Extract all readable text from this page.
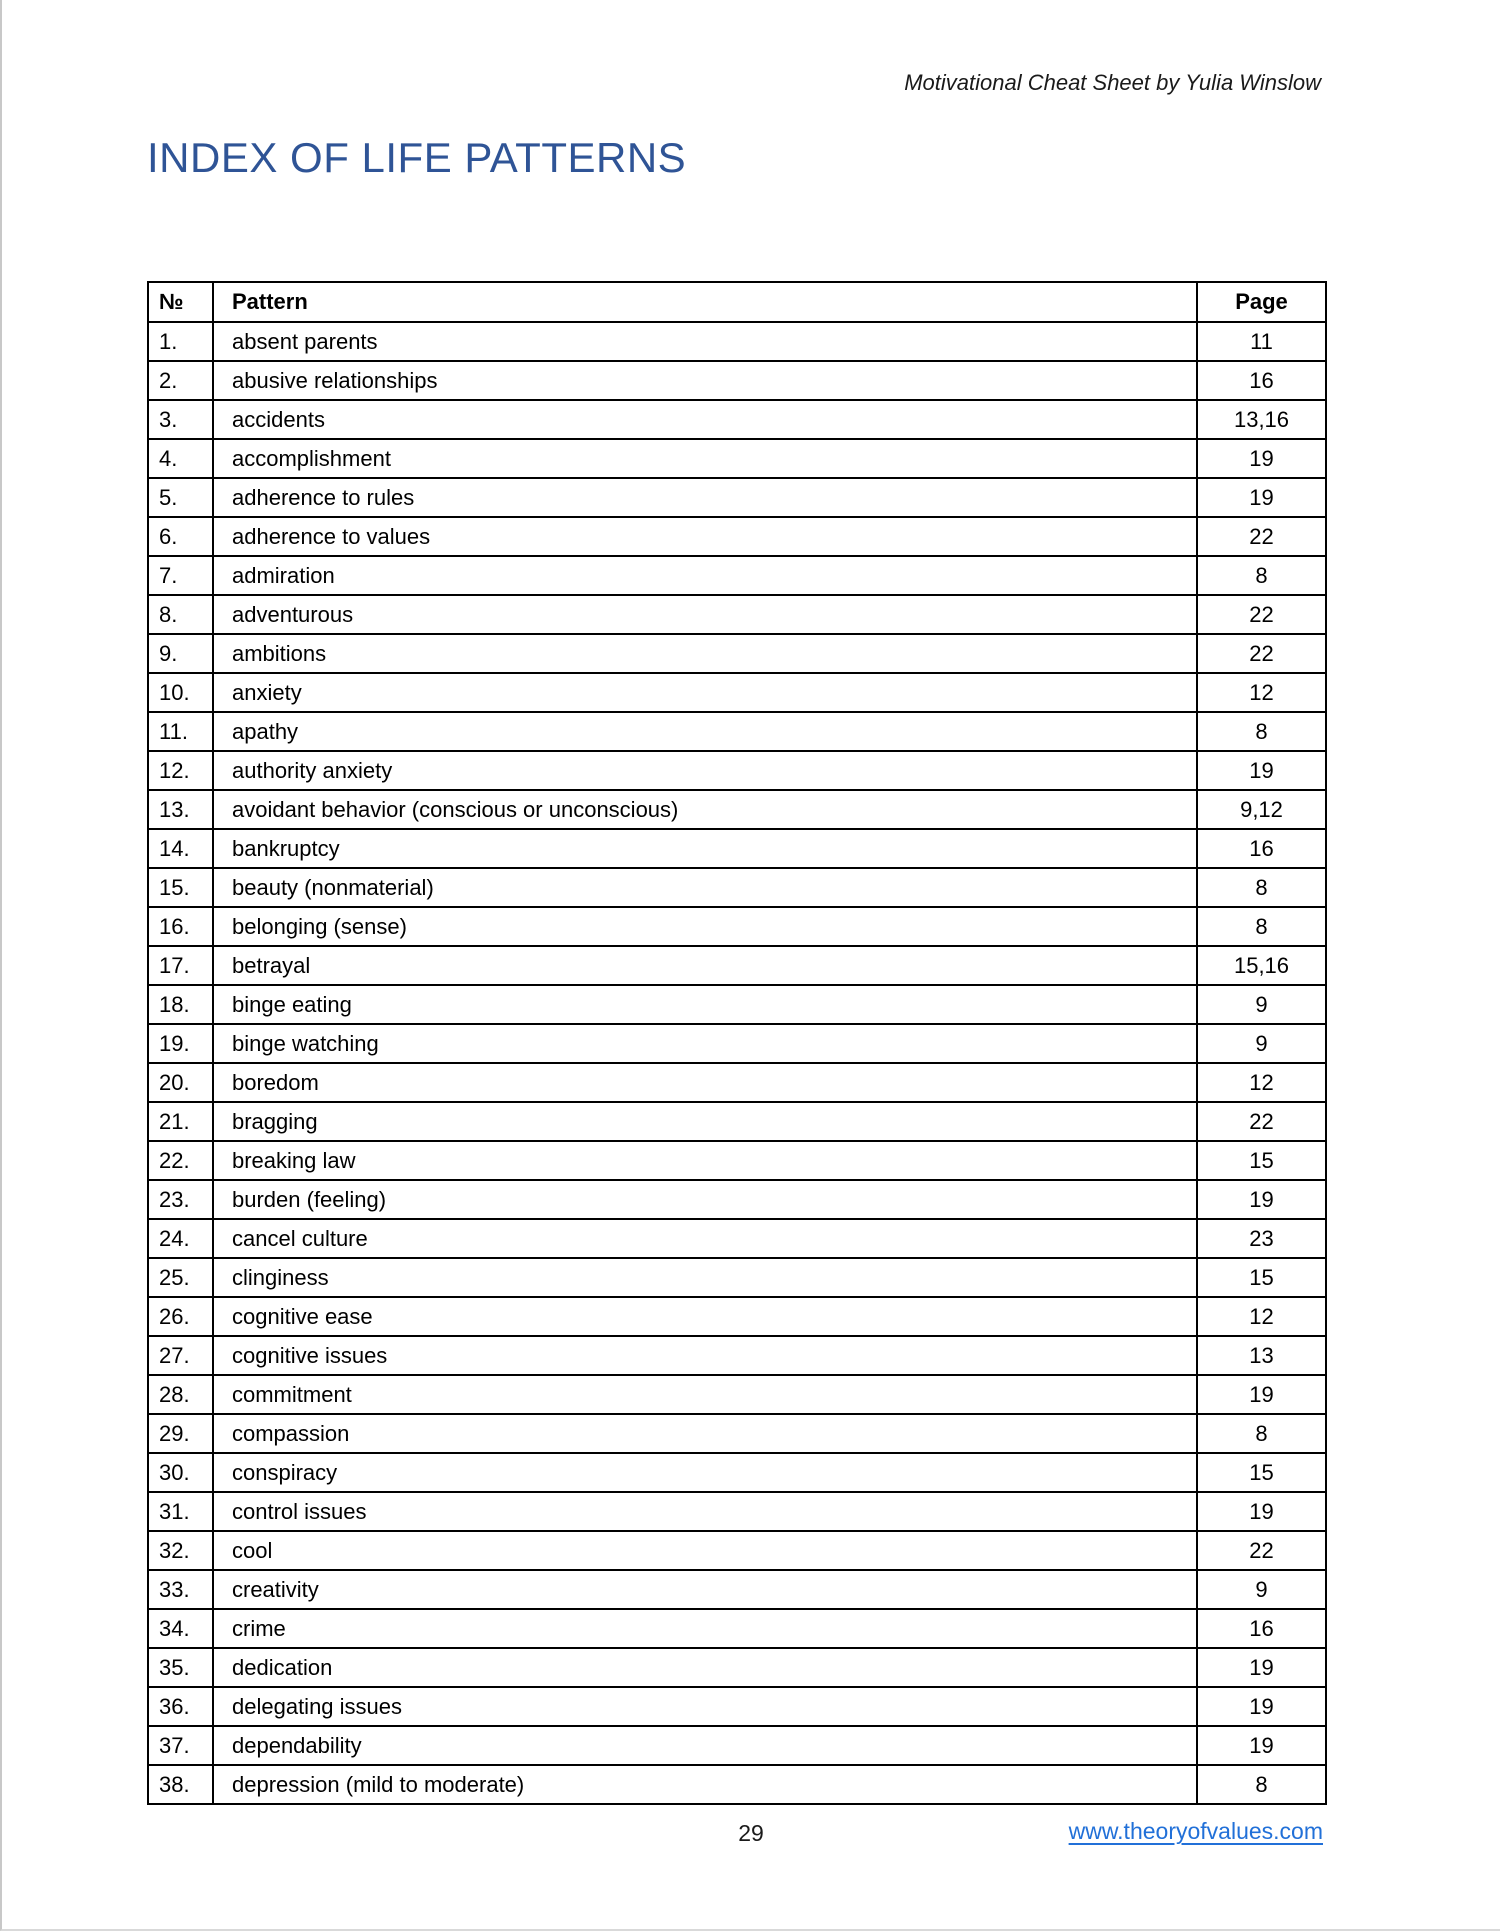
Motivational Cheat Sheet by Yulia Winslow
INDEX OF LIFE PATTERNS
№	Pattern	Page
1.	absent parents	11
2.	abusive relationships	16
3.	accidents	13,16
4.	accomplishment	19
5.	adherence to rules	19
6.	adherence to values	22
7.	admiration	8
8.	adventurous	22
9.	ambitions	22
10.	anxiety	12
11.	apathy	8
12.	authority anxiety	19
13.	avoidant behavior (conscious or unconscious)	9,12
14.	bankruptcy	16
15.	beauty (nonmaterial)	8
16.	belonging (sense)	8
17.	betrayal	15,16
18.	binge eating	9
19.	binge watching	9
20.	boredom	12
21.	bragging	22
22.	breaking law	15
23.	burden (feeling)	19
24.	cancel culture	23
25.	clinginess	15
26.	cognitive ease	12
27.	cognitive issues	13
28.	commitment	19
29.	compassion	8
30.	conspiracy	15
31.	control issues	19
32.	cool	22
33.	creativity	9
34.	crime	16
35.	dedication	19
36.	delegating issues	19
37.	dependability	19
38.	depression (mild to moderate)	8
29	www.theoryofvalues.com
